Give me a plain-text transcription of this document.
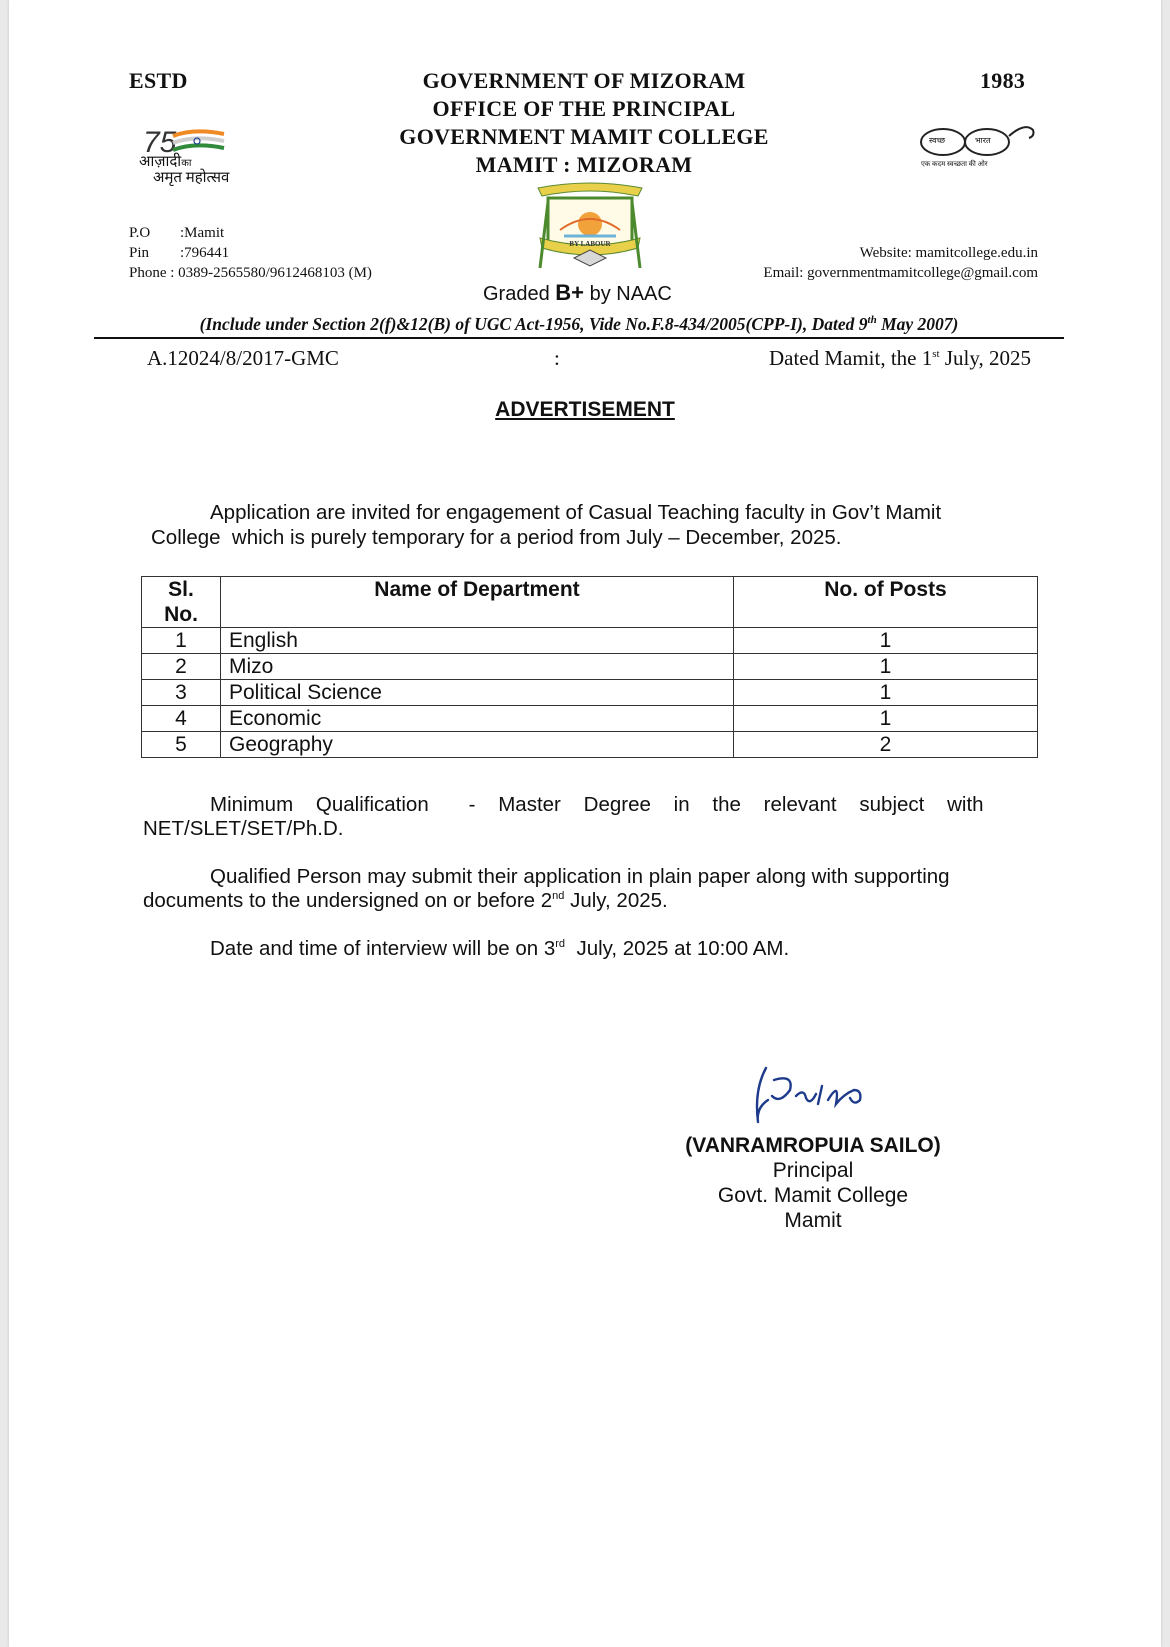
ESTD	1983
GOVERNMENT OF MIZORAM
OFFICE OF THE PRINCIPAL
GOVERNMENT MAMIT COLLEGE
MAMIT : MIZORAM
75
आज़ादीका
अमृत महोत्सव
स्वच्छ	भारत
एक कदम स्वच्छता की ओर
BY LABOUR
P.O :Mamit
Pin :796441
Phone : 0389-2565580/9612468103 (M)
Website: mamitcollege.edu.in
Email: governmentmamitcollege@gmail.com
Graded B+ by NAAC
(Include under Section 2(f)&12(B) of UGC Act-1956, Vide No.F.8-434/2005(CPP-I), Dated 9th May 2007)
A.12024/8/2017-GMC	:	Dated Mamit, the 1st July, 2025
ADVERTISEMENT
Application are invited for engagement of Casual Teaching faculty in Gov’t Mamit
College  which is purely temporary for a period from July – December, 2025.
Sl.
No.	Name of Department	No. of Posts
1	English	1
2	Mizo	1
3	Political Science	1
4	Economic	1
5	Geography	2
Minimum    Qualification       -    Master    Degree    in    the    relevant    subject    with
NET/SLET/SET/Ph.D.
Qualified Person may submit their application in plain paper along with supporting
documents to the undersigned on or before 2nd July, 2025.
Date and time of interview will be on 3rd  July, 2025 at 10:00 AM.
(VANRAMROPUIA SAILO)
Principal
Govt. Mamit College
Mamit
